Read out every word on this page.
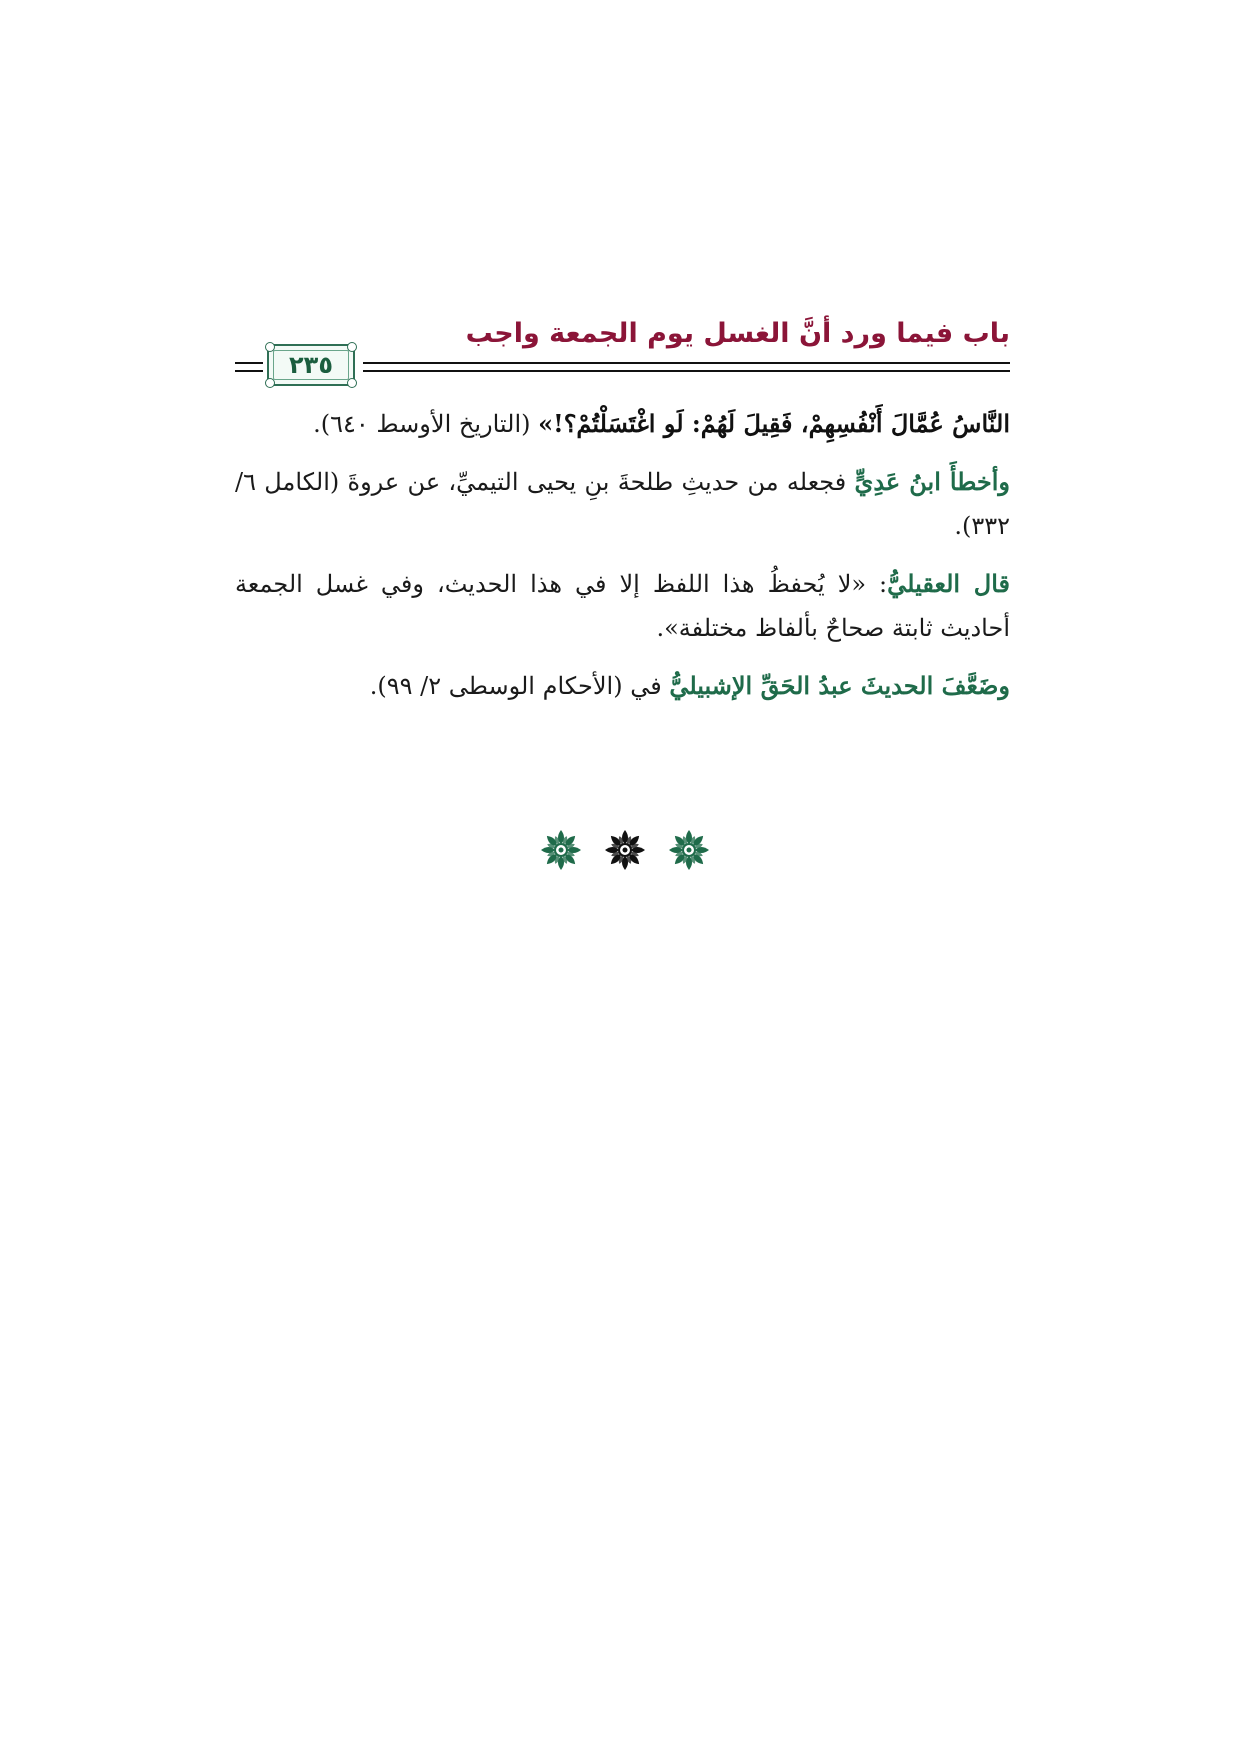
باب فيما ورد أنَّ الغسل يوم الجمعة واجب
٢٣٥

النَّاسُ عُمَّالَ أَنْفُسِهِمْ، فَقِيلَ لَهُمْ: لَو اغْتَسَلْتُمْ؟!» (التاريخ الأوسط ٦٤٠).

وأخطأَ ابنُ عَدِيٍّ فجعله من حديثِ طلحةَ بنِ يحيى التيميِّ، عن عروةَ (الكامل ٦/ ٣٣٢).

قال العقيليُّ: «لا يُحفظُ هذا اللفظ إلا في هذا الحديث، وفي غسل الجمعة أحاديث ثابتة صحاحٌ بألفاظ مختلفة».

وضَعَّفَ الحديثَ عبدُ الحَقِّ الإشبيليُّ في (الأحكام الوسطى ٢/ ٩٩).
